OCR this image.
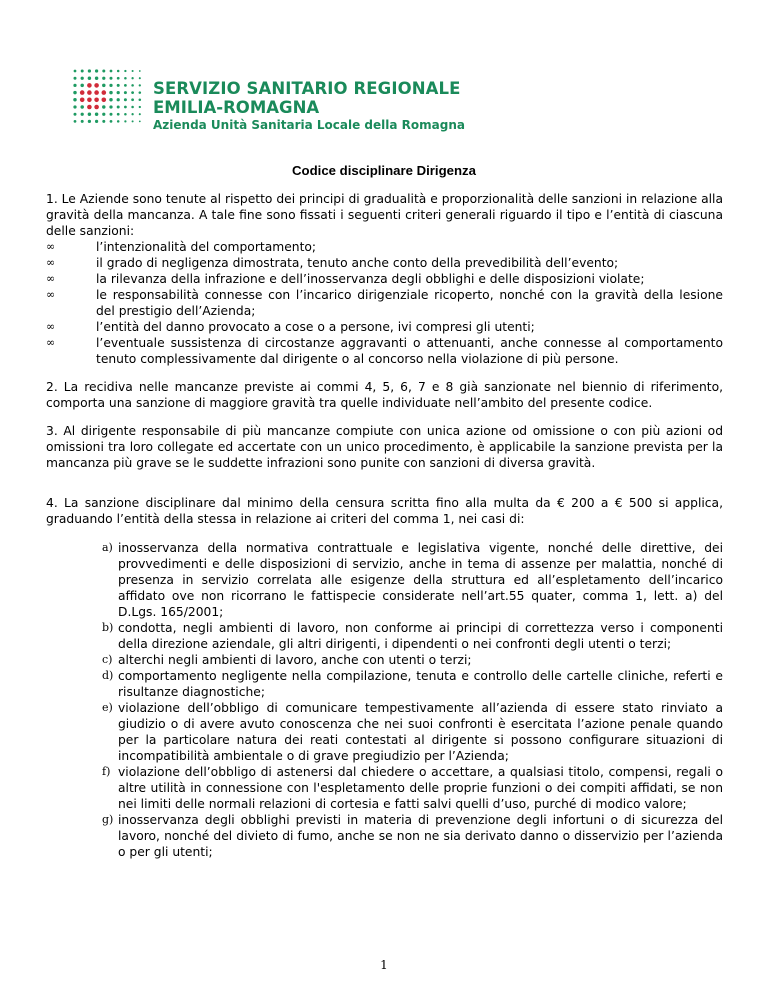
SERVIZIO SANITARIO REGIONALE
EMILIA-ROMAGNA
Azienda Unità Sanitaria Locale della Romagna
Codice disciplinare Dirigenza

1. Le Aziende sono tenute al rispetto dei principi di gradualità e proporzionalità delle sanzioni in relazione alla gravità della mancanza. A tale fine sono fissati i seguenti criteri generali riguardo il tipo e l’entità di ciascuna delle sanzioni:

∞	l’intenzionalità del comportamento;
∞	il grado di negligenza dimostrata, tenuto anche conto della prevedibilità dell’evento;
∞	la rilevanza della infrazione e dell’inosservanza degli obblighi e delle disposizioni violate;
∞	le responsabilità connesse con l’incarico dirigenziale ricoperto, nonché con la gravità della lesione del prestigio dell’Azienda;
∞	l’entità del danno provocato a cose o a persone, ivi compresi gli utenti;
∞	l’eventuale sussistenza di circostanze aggravanti o attenuanti, anche connesse al comportamento tenuto complessivamente dal dirigente o al concorso nella violazione di più persone.

2. La recidiva nelle mancanze previste ai commi 4, 5, 6, 7 e 8 già sanzionate nel biennio di riferimento, comporta una sanzione di maggiore gravità tra quelle individuate nell’ambito del presente codice.

3. Al dirigente responsabile di più mancanze compiute con unica azione od omissione o con più azioni od omissioni tra loro collegate ed accertate con un unico procedimento, è applicabile la sanzione prevista per la mancanza più grave se le suddette infrazioni sono punite con sanzioni di diversa gravità.

4. La sanzione disciplinare dal minimo della censura scritta fino alla multa da € 200 a € 500 si applica, graduando l’entità della stessa in relazione ai criteri del comma 1, nei casi di:

a) inosservanza della normativa contrattuale e legislativa vigente, nonché delle direttive, dei provvedimenti e delle disposizioni di servizio, anche in tema di assenze per malattia, nonché di presenza in servizio correlata alle esigenze della struttura ed all’espletamento dell’incarico affidato ove non ricorrano le fattispecie considerate nell’art.55 quater, comma 1, lett. a) del D.Lgs. 165/2001;
b) condotta, negli ambienti di lavoro, non conforme ai principi di correttezza verso i componenti della direzione aziendale, gli altri dirigenti, i dipendenti o nei confronti degli utenti o terzi;
c) alterchi negli ambienti di lavoro, anche con utenti o terzi;
d) comportamento negligente nella compilazione, tenuta e controllo delle cartelle cliniche, referti e risultanze diagnostiche;
e) violazione dell’obbligo di comunicare tempestivamente all’azienda di essere stato rinviato a giudizio o di avere avuto conoscenza che nei suoi confronti è esercitata l’azione penale quando per la particolare natura dei reati contestati al dirigente si possono configurare situazioni di incompatibilità ambientale o di grave pregiudizio per l’Azienda;
f) violazione dell’obbligo di astenersi dal chiedere o accettare, a qualsiasi titolo, compensi, regali o altre utilità in connessione con l'espletamento delle proprie funzioni o dei compiti affidati, se non nei limiti delle normali relazioni di cortesia e fatti salvi quelli d’uso, purché di modico valore;
g) inosservanza degli obblighi previsti in materia di prevenzione degli infortuni o di sicurezza del lavoro, nonché del divieto di fumo, anche se non ne sia derivato danno o disservizio per l’azienda o per gli utenti;
1
